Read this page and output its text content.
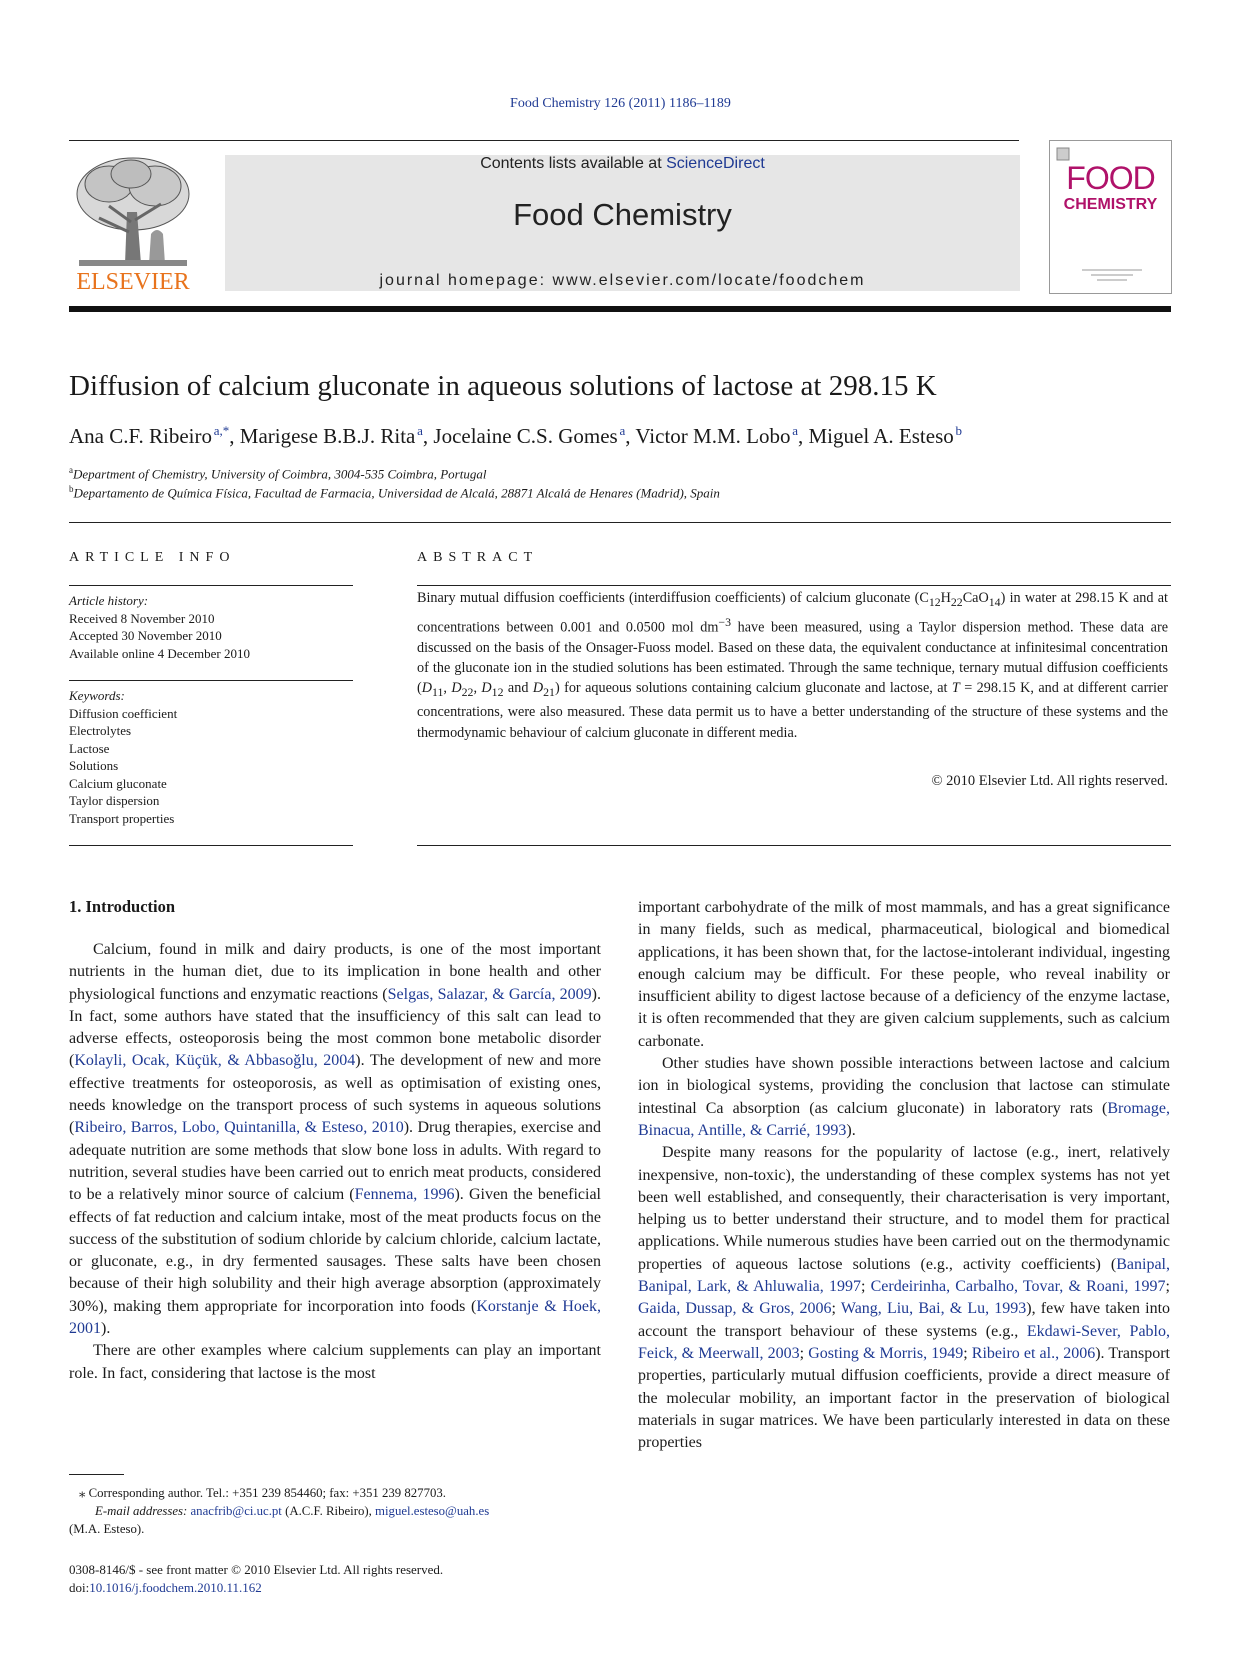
Food Chemistry 126 (2011) 1186–1189
ELSEVIER
Contents lists available at ScienceDirect
Food Chemistry
journal homepage: www.elsevier.com/locate/foodchem
FOOD
CHEMISTRY
Diffusion of calcium gluconate in aqueous solutions of lactose at 298.15 K
Ana C.F. Ribeiro  $^{a,*}$, Marigese B.B.J. Rita  $^a$, Jocelaine C.S. Gomes  $^a$, Victor M.M. Lobo  $^a$, Miguel A. Esteso  $^b$
$^a$Department of Chemistry, University of Coimbra, 3004-535 Coimbra, Portugal
$^b$Departamento de Química Física, Facultad de Farmacia, Universidad de Alcalá, 28871 Alcalá de Henares (Madrid), Spain
ARTICLE INFO
Article history:
Received 8 November 2010
Accepted 30 November 2010
Available online 4 December 2010
Keywords:
Diffusion coefficient
Electrolytes
Lactose
Solutions
Calcium gluconate
Taylor dispersion
Transport properties
ABSTRACT
Binary mutual diffusion coefficients (interdiffusion coefficients) of calcium gluconate $(C_{12}H_{22}CaO_{14})$ in water at 298.15 K and at concentrations between 0.001 and 0.0500 mol $dm^{-3}$ have been measured, using a Taylor dispersion method. These data are discussed on the basis of the Onsager-Fuoss model. Based on these data, the equivalent conductance at infinitesimal concentration of the gluconate ion in the studied solutions has been estimated. Through the same technique, ternary mutual diffusion coefficients ($D_{11}$, $D_{22}$, $D_{12}$ and $D_{21}$) for aqueous solutions containing calcium gluconate and lactose, at T = 298.15 K, and at different carrier concentrations, were also measured. These data permit us to have a better understanding of the structure of these systems and the thermodynamic behaviour of calcium gluconate in different media.
© 2010 Elsevier Ltd. All rights reserved.
1. Introduction

Calcium, found in milk and dairy products, is one of the most important nutrients in the human diet, due to its implication in bone health and other physiological functions and enzymatic reactions (Selgas, Salazar, & García, 2009). In fact, some authors have stated that the insufficiency of this salt can lead to adverse effects, osteoporosis being the most common bone metabolic disorder (Kolayli, Ocak, Küçük, & Abbasoğlu, 2004). The development of new and more effective treatments for osteoporosis, as well as optimisation of existing ones, needs knowledge on the transport process of such systems in aqueous solutions (Ribeiro, Barros, Lobo, Quintanilla, & Esteso, 2010). Drug therapies, exercise and adequate nutrition are some methods that slow bone loss in adults. With regard to nutrition, several studies have been carried out to enrich meat products, considered to be a relatively minor source of calcium (Fennema, 1996). Given the beneficial effects of fat reduction and calcium intake, most of the meat products focus on the success of the substitution of sodium chloride by calcium chloride, calcium lactate, or gluconate, e.g., in dry fermented sausages. These salts have been chosen because of their high solubility and their high average absorption (approximately 30%), making them appropriate for incorporation into foods (Korstanje & Hoek, 2001).

There are other examples where calcium supplements can play an important role. In fact, considering that lactose is the most

important carbohydrate of the milk of most mammals, and has a great significance in many fields, such as medical, pharmaceutical, biological and biomedical applications, it has been shown that, for the lactose-intolerant individual, ingesting enough calcium may be difficult. For these people, who reveal inability or insufficient ability to digest lactose because of a deficiency of the enzyme lactase, it is often recommended that they are given calcium supplements, such as calcium carbonate.

Other studies have shown possible interactions between lactose and calcium ion in biological systems, providing the conclusion that lactose can stimulate intestinal Ca absorption (as calcium gluconate) in laboratory rats (Bromage, Binacua, Antille, & Carrié, 1993).

Despite many reasons for the popularity of lactose (e.g., inert, relatively inexpensive, non-toxic), the understanding of these complex systems has not yet been well established, and consequently, their characterisation is very important, helping us to better understand their structure, and to model them for practical applications. While numerous studies have been carried out on the thermodynamic properties of aqueous lactose solutions (e.g., activity coefficients) (Banipal, Banipal, Lark, & Ahluwalia, 1997; Cerdeirinha, Carbalho, Tovar, & Roani, 1997; Gaida, Dussap, & Gros, 2006; Wang, Liu, Bai, & Lu, 1993), few have taken into account the transport behaviour of these systems (e.g., Ekdawi-Sever, Pablo, Feick, & Meerwall, 2003; Gosting & Morris, 1949; Ribeiro et al., 2006). Transport properties, particularly mutual diffusion coefficients, provide a direct measure of the molecular mobility, an important factor in the preservation of biological materials in sugar matrices. We have been particularly interested in data on these properties

⁎ Corresponding author. Tel.: +351 239 854460; fax: +351 239 827703.

E-mail addresses: anacfrib@ci.uc.pt (A.C.F. Ribeiro), miguel.esteso@uah.es

(M.A. Esteso).

0308-8146/$ - see front matter © 2010 Elsevier Ltd. All rights reserved.
doi:10.1016/j.foodchem.2010.11.162
